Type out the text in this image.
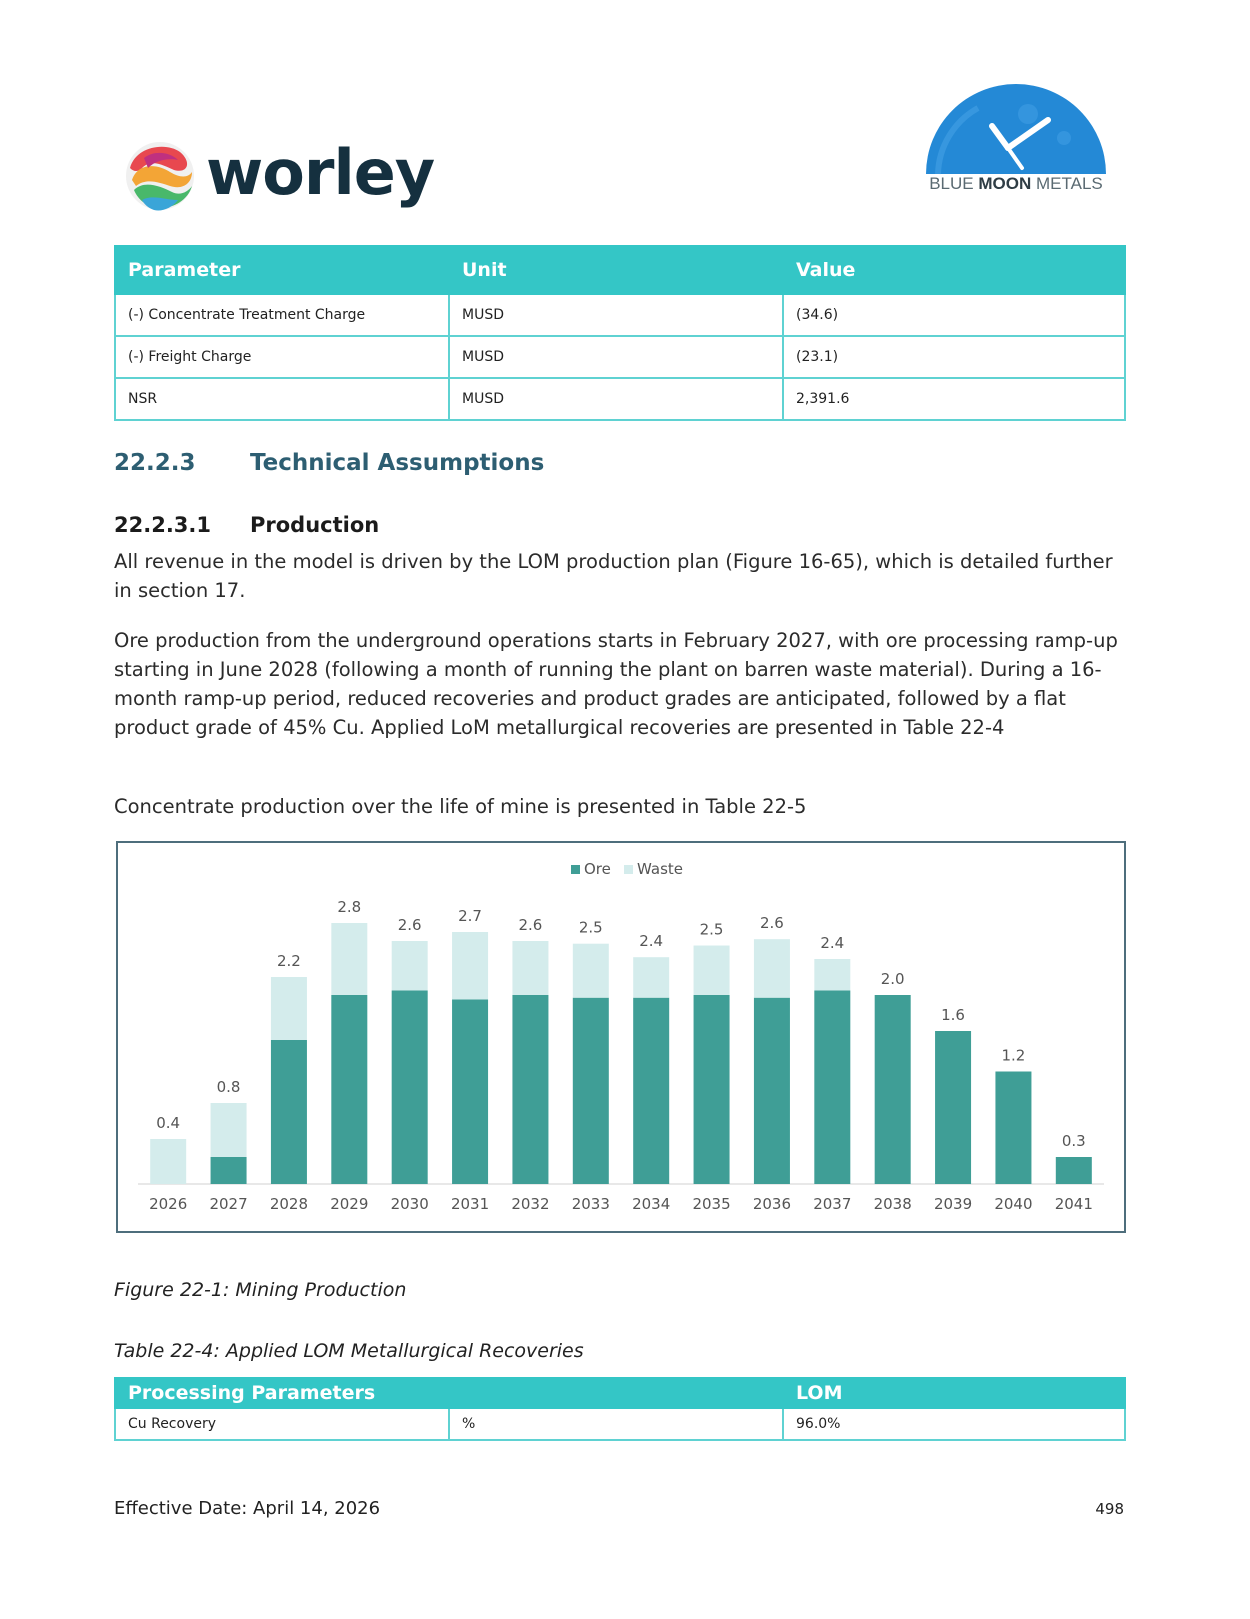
worley	BLUE MOON METALS
Parameter	Unit	Value
(-) Concentrate Treatment Charge	MUSD	(34.6)
(-) Freight Charge	MUSD	(23.1)
NSR	MUSD	2,391.6
22.2.3 Technical Assumptions
22.2.3.1 Production
All revenue in the model is driven by the LOM production plan (Figure 16-65), which is detailed further in section 17.
Ore production from the underground operations starts in February 2027, with ore processing ramp-up starting in June 2028 (following a month of running the plant on barren waste material). During a 16-month ramp-up period, reduced recoveries and product grades are anticipated, followed by a flat product grade of 45% Cu. Applied LoM metallurgical recoveries are presented in Table 22-4
Concentrate production over the life of mine is presented in Table 22-5
Ore Waste
0.4
0.8
2.2
2.8
2.6 2.7 2.6 2.5
2.4
2.5 2.6
2.4
2.0
1.6
1.2
0.3
2026 2027 2028 2029 2030 2031 2032 2033 2034 2035 2036 2037 2038 2039 2040 2041
Figure 22-1: Mining Production
Table 22-4: Applied LOM Metallurgical Recoveries
Processing Parameters		LOM
Cu Recovery	%	96.0%
Effective Date: April 14, 2026	498
